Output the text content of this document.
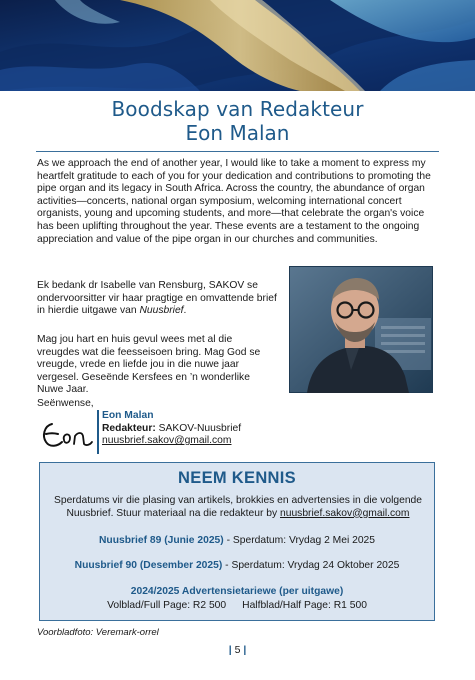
Boodskap van Redakteur
Eon Malan

As we approach the end of another year, I would like to take a moment to express my heartfelt gratitude to each of you for your dedication and contributions to promoting the pipe organ and its legacy in South Africa. Across the country, the abundance of organ activities—concerts, national organ symposium, welcoming international concert organists, young and upcoming students, and more—that celebrate the organ's voice has been uplifting throughout the year. These events are a testament to the ongoing appreciation and value of the pipe organ in our churches and communities.

Ek bedank dr Isabelle van Rensburg, SAKOV se ondervoorsitter vir haar pragtige en omvattende brief in hierdie uitgawe van Nuusbrief.

Mag jou hart en huis gevul wees met al die vreugdes wat die feesseisoen bring. Mag God se vreugde, vrede en liefde jou in die nuwe jaar vergesel. Geseënde Kersfees en ’n wonderlike Nuwe Jaar.

Seënwense,

Eon Malan
Redakteur: SAKOV-Nuusbrief
nuusbrief.sakov@gmail.com
NEEM KENNIS
Sperdatums vir die plasing van artikels, brokkies en advertensies in die volgende Nuusbrief. Stuur materiaal na die redakteur by nuusbrief.sakov@gmail.com
Nuusbrief 89 (Junie 2025) - Sperdatum: Vrydag 2 Mei 2025
Nuusbrief 90 (Desember 2025) - Sperdatum: Vrydag 24 Oktober 2025
2024/2025 Advertensietariewe (per uitgawe)
Volblad/Full Page: R2 500 Halfblad/Half Page: R1 500
Voorbladfoto: Veremark-orrel
| 5 |
